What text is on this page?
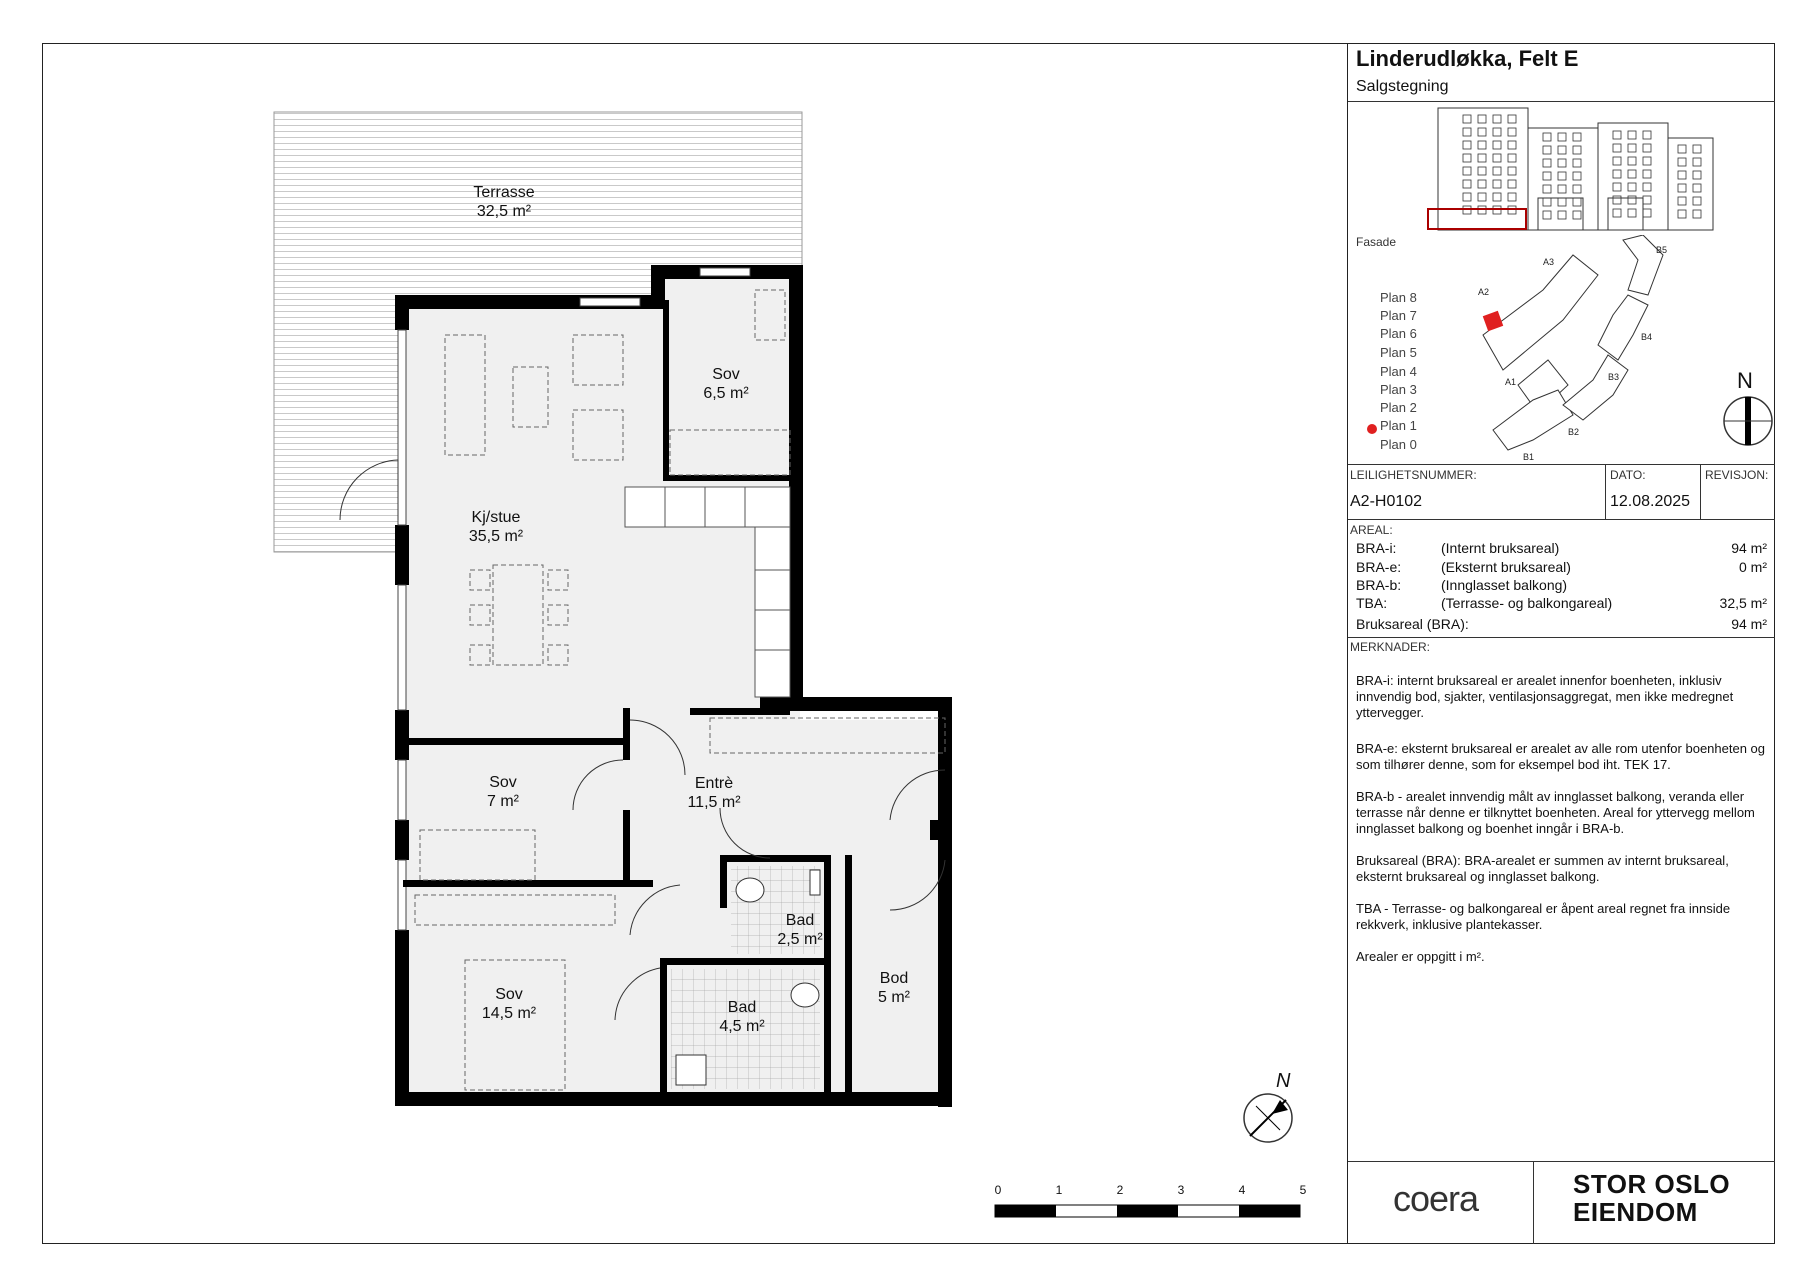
N
Terrasse
32,5 m²
Kj/stue
35,5 m²
Sov
6,5 m²
Sov
7 m²
Entrè
11,5 m²
Bad
2,5 m²
Sov
14,5 m²	Bad
4,5 m²
Bod
5 m²
0	1	2	3	4	5
Linderudløkka, Felt E
Salgstegning
Fasade
Plan 8
Plan 7
Plan 6
Plan 5
Plan 4
Plan 3
Plan 2
Plan 1
Plan 0
A1
A2
A3
B1
B2
B3
B4
B5
N
LEILIGHETSNUMMER:
A2-H0102
DATO:
12.08.2025
REVISJON:
AREAL:
BRA-i:	(Internt bruksareal)	94 m²
BRA-e:	(Eksternt bruksareal)	0 m²
BRA-b:	(Innglasset balkong)
TBA:	(Terrasse- og balkongareal)	32,5 m²
Bruksareal (BRA):	94 m²
MERKNADER:
BRA-i: internt bruksareal er arealet innenfor boenheten, inklusiv innvendig bod, sjakter, ventilasjonsaggregat, men ikke medregnet yttervegger.
BRA-e: eksternt bruksareal er arealet av alle rom utenfor boenheten og som tilhører denne, som for eksempel bod iht. TEK 17.
BRA-b - arealet innvendig målt av innglasset balkong, veranda eller terrasse når denne er tilknyttet boenheten. Areal for yttervegg mellom innglasset balkong og boenhet inngår i BRA-b.
Bruksareal (BRA): BRA-arealet er summen av internt bruksareal, eksternt bruksareal og innglasset balkong.
TBA - Terrasse- og balkongareal er åpent areal regnet fra innside rekkverk, inklusive plantekasser.
Arealer er oppgitt i m².
coera	STOR OSLO
EIENDOM
